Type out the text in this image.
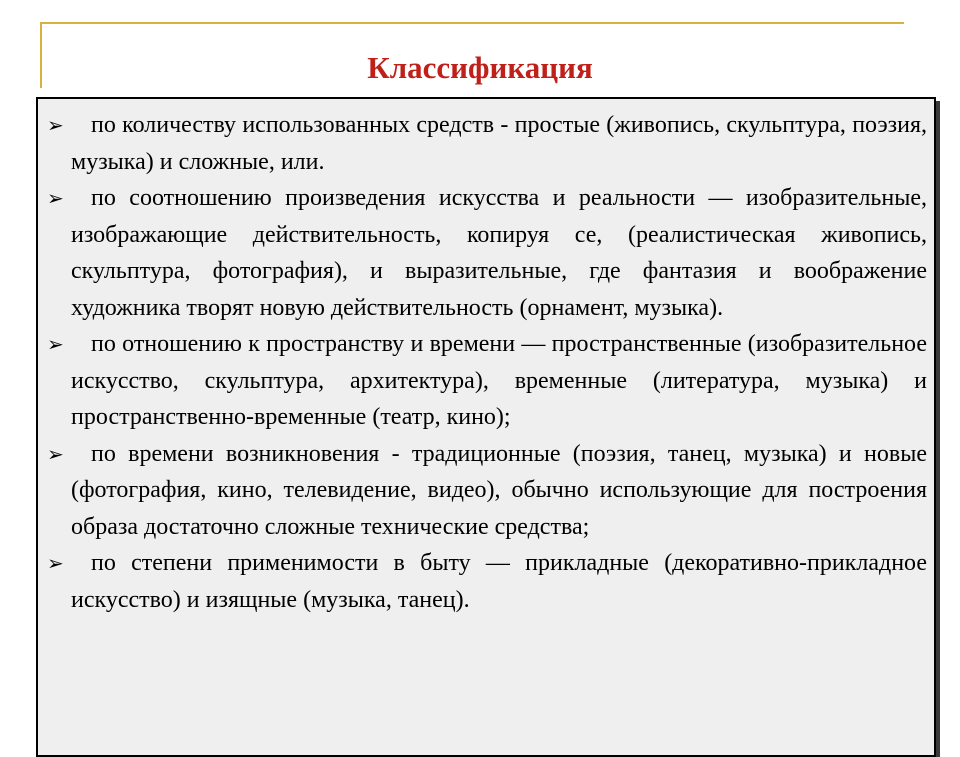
Классификация
➢ по количеству использованных средств - простые (живопись, скульптура, поэзия, музыка) и сложные, или.
➢ по соотношению произведения искусства и реальности — изобразительные, изображающие действительность, копируя се, (реалистическая живопись, скульптура, фотография), и выразительные, где фантазия и воображение художника творят новую действительность (орнамент, музыка).
➢ по отношению к пространству и времени — пространственные (изобразительное искусство, скульптура, архитектура), временные (литература, музыка) и пространственно-временные (театр, кино);
➢ по времени возникновения - традиционные (поэзия, танец, музыка) и новые (фотография, кино, телевидение, видео), обычно использующие для построения образа достаточно сложные технические средства;
➢ по степени применимости в быту — прикладные (декоративно-прикладное искусство) и изящные (музыка, танец).
